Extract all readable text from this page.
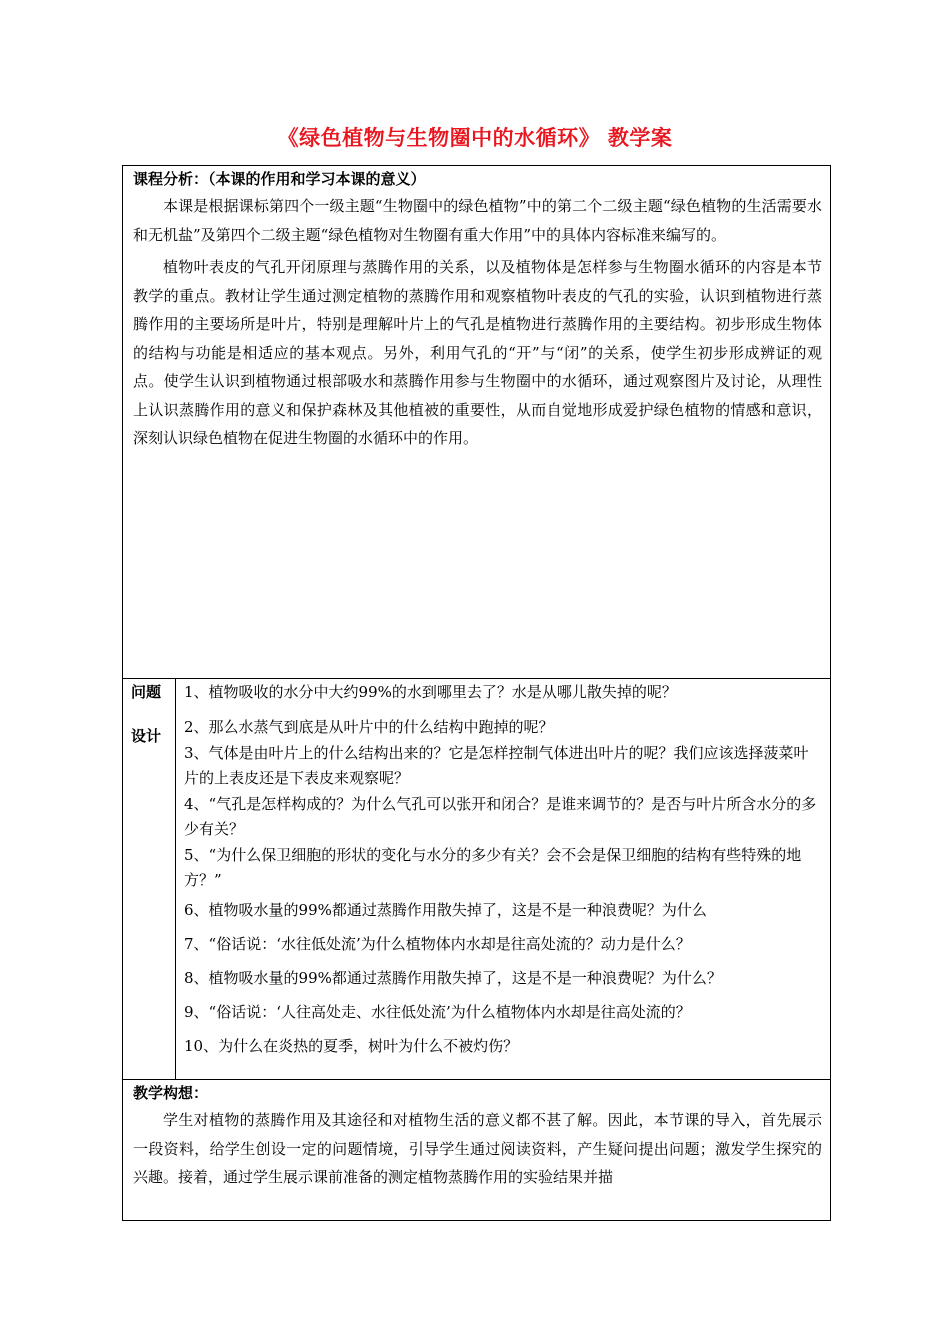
《绿色植物与生物圈中的水循环》 教学案
课程分析：（本课的作用和学习本课的意义）

本课是根据课标第四个一级主题“生物圈中的绿色植物”中的第二个二级主题“绿色植物的生活需要水和无机盐”及第四个二级主题“绿色植物对生物圈有重大作用”中的具体内容标准来编写的。

植物叶表皮的气孔开闭原理与蒸腾作用的关系，以及植物体是怎样参与生物圈水循环的内容是本节教学的重点。教材让学生通过测定植物的蒸腾作用和观察植物叶表皮的气孔的实验，认识到植物进行蒸腾作用的主要场所是叶片，特别是理解叶片上的气孔是植物进行蒸腾作用的主要结构。初步形成生物体的结构与功能是相适应的基本观点。另外，利用气孔的“开”与“闭”的关系，使学生初步形成辨证的观点。使学生认识到植物通过根部吸水和蒸腾作用参与生物圈中的水循环，通过观察图片及讨论，从理性上认识蒸腾作用的意义和保护森林及其他植被的重要性，从而自觉地形成爱护绿色植物的情感和意识，深刻认识绿色植物在促进生物圈的水循环中的作用。

问题
设计

1、植物吸收的水分中大约99%的水到哪里去了？水是从哪儿散失掉的呢？

2、那么水蒸气到底是从叶片中的什么结构中跑掉的呢？

3、气体是由叶片上的什么结构出来的？它是怎样控制气体进出叶片的呢？我们应该选择菠菜叶片的上表皮还是下表皮来观察呢？

4、“气孔是怎样构成的？为什么气孔可以张开和闭合？是谁来调节的？是否与叶片所含水分的多少有关？

5、“为什么保卫细胞的形状的变化与水分的多少有关？会不会是保卫细胞的结构有些特殊的地方？”

6、植物吸水量的99%都通过蒸腾作用散失掉了，这是不是一种浪费呢？为什么

7、“俗话说：‘水往低处流’为什么植物体内水却是往高处流的？动力是什么？

8、植物吸水量的99%都通过蒸腾作用散失掉了，这是不是一种浪费呢？为什么？

9、“俗话说：‘人往高处走、水往低处流’为什么植物体内水却是往高处流的？

10、为什么在炎热的夏季，树叶为什么不被灼伤？

教学构想：

学生对植物的蒸腾作用及其途径和对植物生活的意义都不甚了解。因此，本节课的导入，首先展示一段资料，给学生创设一定的问题情境，引导学生通过阅读资料，产生疑问提出问题；激发学生探究的兴趣。接着，通过学生展示课前准备的测定植物蒸腾作用的实验结果并描
